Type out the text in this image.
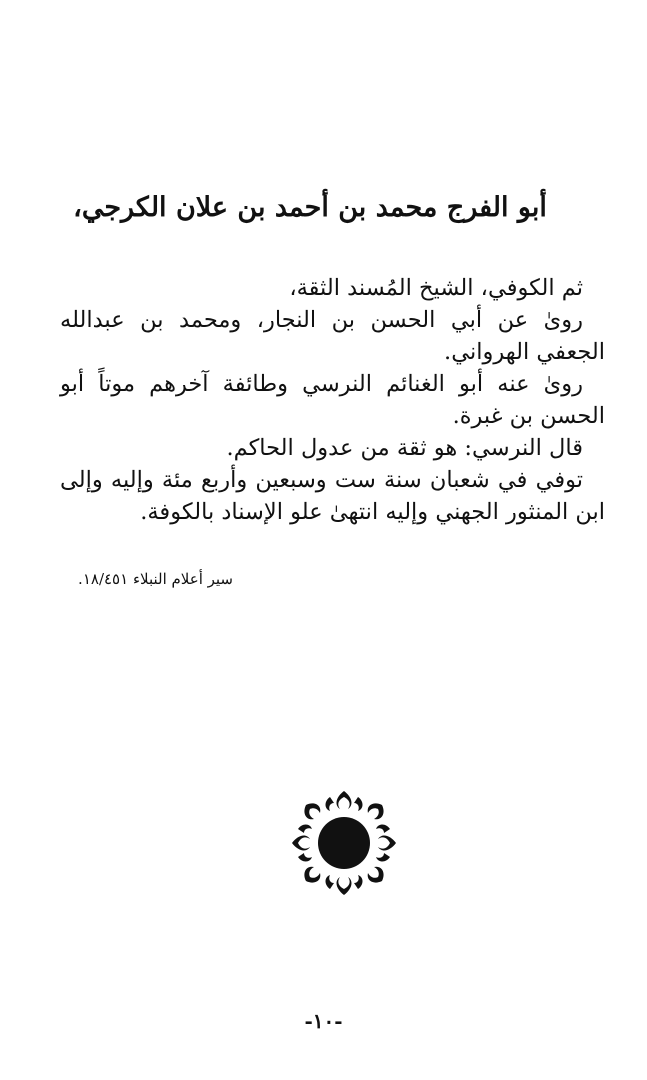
أبو الفرج محمد بن أحمد بن علان الكرجي،

ثم الكوفي، الشيخ المُسند الثقة،

روىٰ عن أبي الحسن بن النجار، ومحمد بن عبدالله الجعفي الهرواني.

روىٰ عنه أبو الغنائم النرسي وطائفة آخرهم موتاً أبو الحسن بن غبرة.

قال النرسي: هو ثقة من عدول الحاكم.

توفي في شعبان سنة ست وسبعين وأربع مئة وإليه وإلى ابن المنثور الجهني وإليه انتهىٰ علو الإسناد بالكوفة.

سير أعلام النبلاء ١٨/٤٥١.
-١٠-
